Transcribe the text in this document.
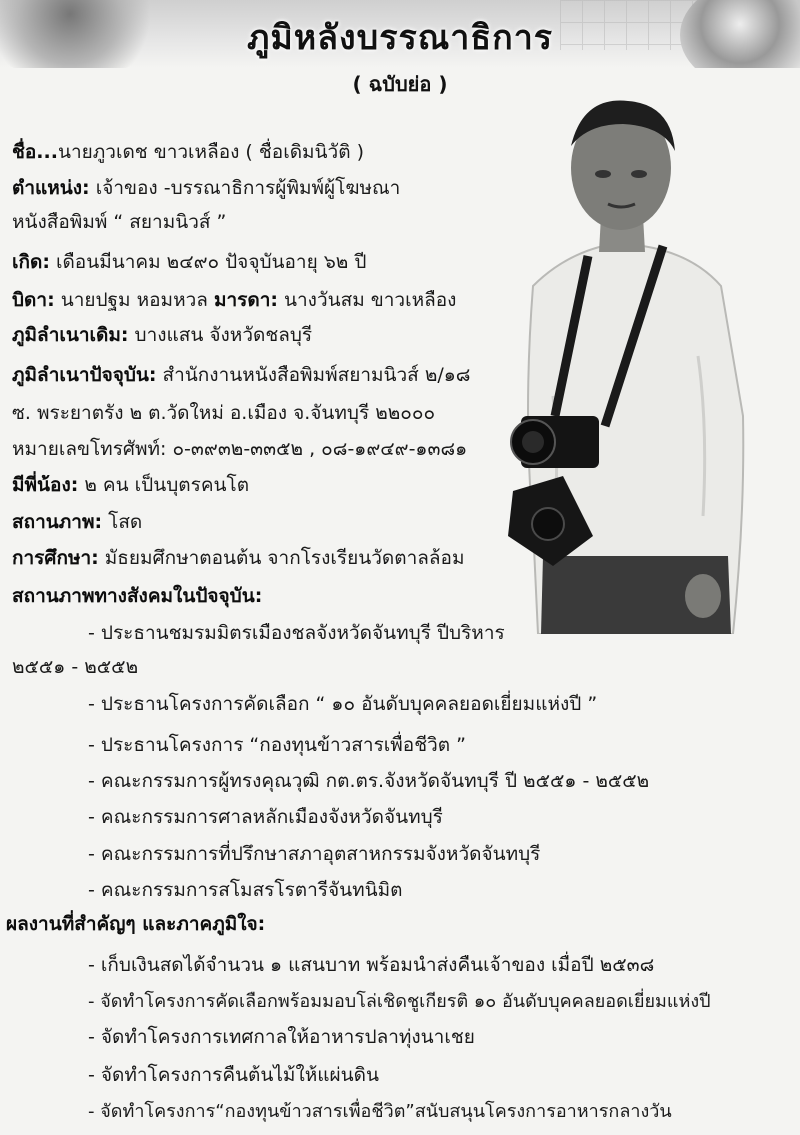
ภูมิหลังบรรณาธิการ
( ฉบับย่อ )
ชื่อ...นายภูวเดช ขาวเหลือง ( ชื่อเดิมนิวัติ )
ตำแหน่ง: เจ้าของ -บรรณาธิการผู้พิมพ์ผู้โฆษณา
หนังสือพิมพ์ “ สยามนิวส์ ”
เกิด: เดือนมีนาคม ๒๔๙๐ ปัจจุบันอายุ ๖๒ ปี
บิดา: นายปฐม หอมหวล มารดา: นางวันสม ขาวเหลือง
ภูมิลำเนาเดิม: บางแสน จังหวัดชลบุรี
ภูมิลำเนาปัจจุบัน: สำนักงานหนังสือพิมพ์สยามนิวส์ ๒/๑๘
ซ. พระยาตรัง ๒ ต.วัดใหม่ อ.เมือง จ.จันทบุรี ๒๒๐๐๐
หมายเลขโทรศัพท์: ๐-๓๙๓๒-๓๓๕๒ , ๐๘-๑๙๔๙-๑๓๘๑
มีพี่น้อง: ๒ คน เป็นบุตรคนโต
สถานภาพ: โสด
การศึกษา: มัธยมศึกษาตอนต้น จากโรงเรียนวัดตาลล้อม
สถานภาพทางสังคมในปัจจุบัน:
- ประธานชมรมมิตรเมืองชลจังหวัดจันทบุรี ปีบริหาร
๒๕๕๑ - ๒๕๕๒
- ประธานโครงการคัดเลือก “ ๑๐ อันดับบุคคลยอดเยี่ยมแห่งปี ”
- ประธานโครงการ “กองทุนข้าวสารเพื่อชีวิต ”
- คณะกรรมการผู้ทรงคุณวุฒิ กต.ตร.จังหวัดจันทบุรี ปี ๒๕๕๑ - ๒๕๕๒
- คณะกรรมการศาลหลักเมืองจังหวัดจันทบุรี
- คณะกรรมการที่ปรึกษาสภาอุตสาหกรรมจังหวัดจันทบุรี
- คณะกรรมการสโมสรโรตารีจันทนิมิต
ผลงานที่สำคัญๆ และภาคภูมิใจ:
- เก็บเงินสดได้จำนวน ๑ แสนบาท พร้อมนำส่งคืนเจ้าของ เมื่อปี ๒๕๓๘
- จัดทำโครงการคัดเลือกพร้อมมอบโล่เชิดชูเกียรติ ๑๐ อันดับบุคคลยอดเยี่ยมแห่งปี
- จัดทำโครงการเทศกาลให้อาหารปลาทุ่งนาเชย
- จัดทำโครงการคืนต้นไม้ให้แผ่นดิน
- จัดทำโครงการ“กองทุนข้าวสารเพื่อชีวิต”สนับสนุนโครงการอาหารกลางวัน
